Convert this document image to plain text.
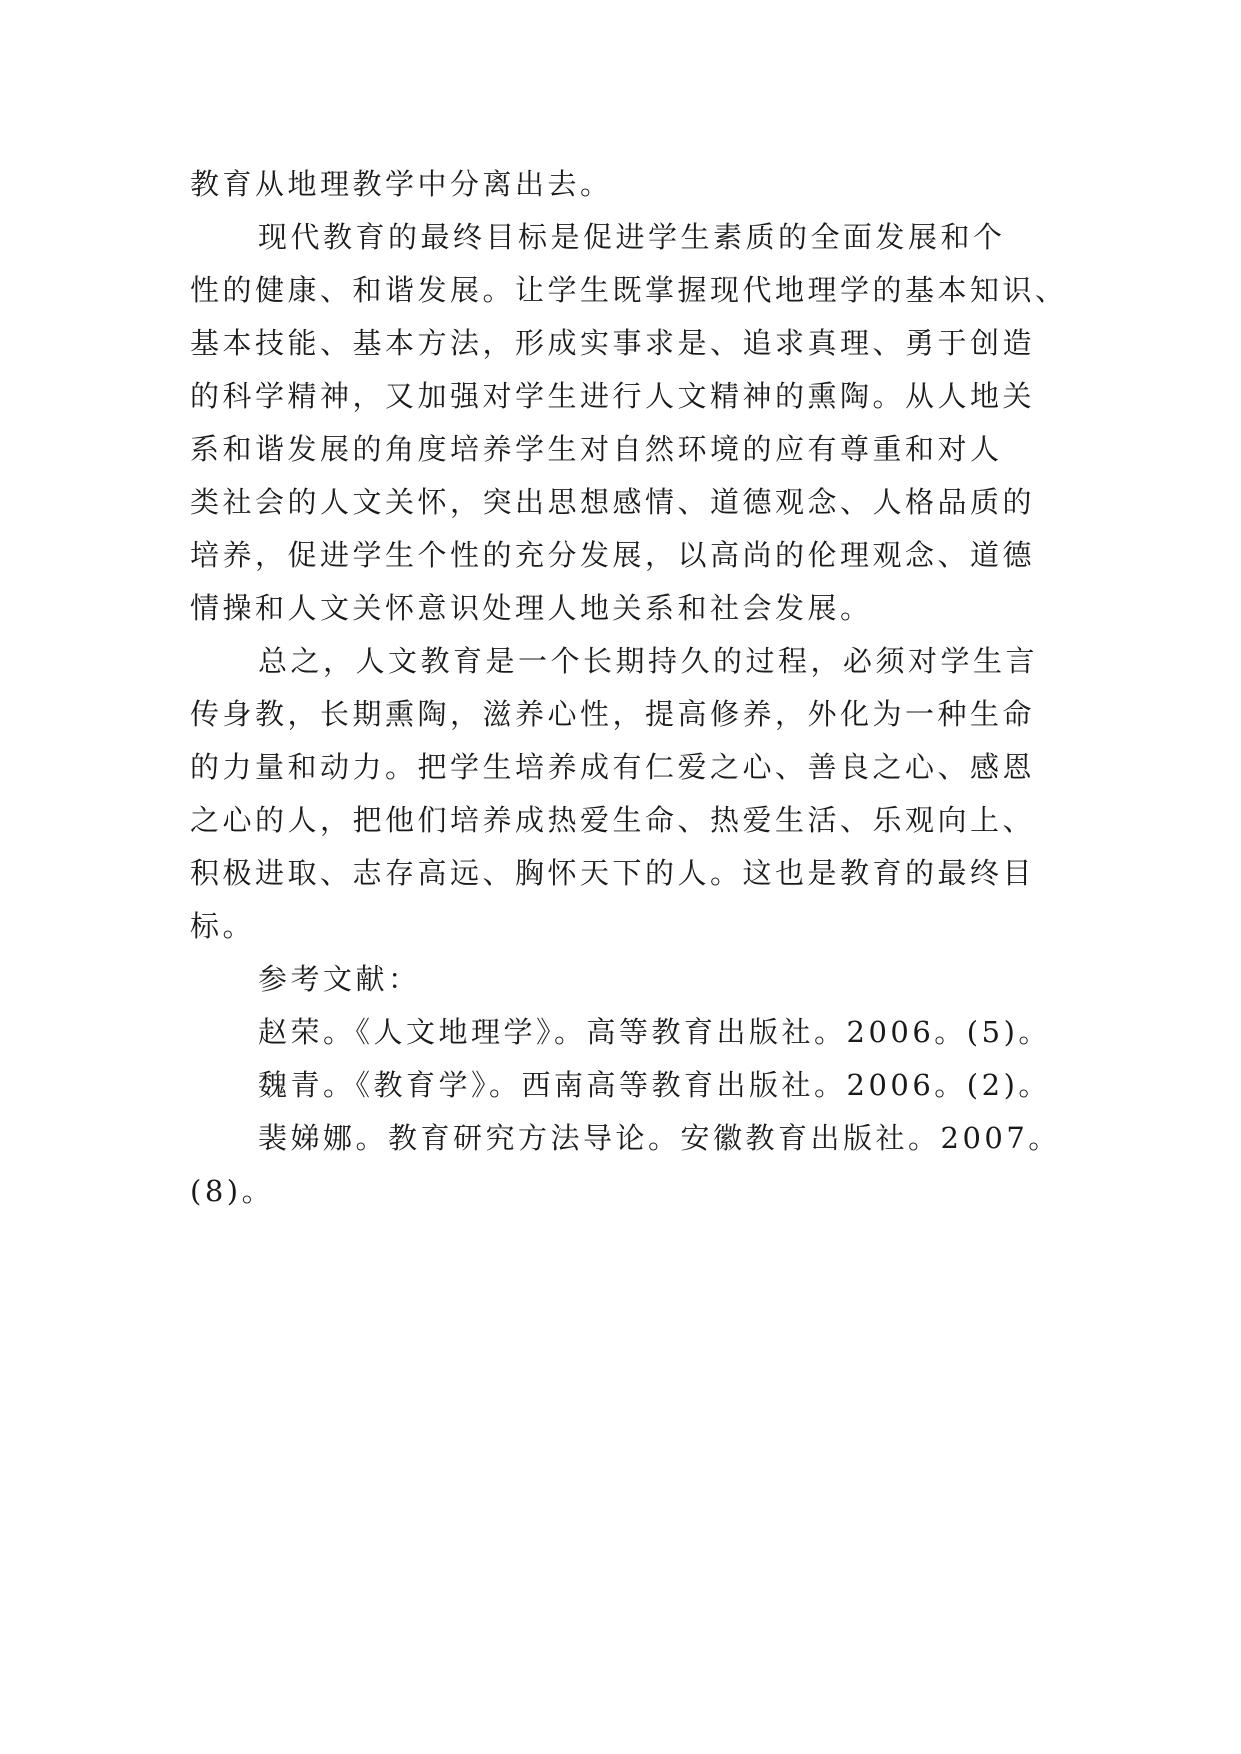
教育从地理教学中分离出去。
现代教育的最终目标是促进学生素质的全面发展和个
性的健康、和谐发展。让学生既掌握现代地理学的基本知识、
基本技能、基本方法，形成实事求是、追求真理、勇于创造
的科学精神，又加强对学生进行人文精神的熏陶。从人地关
系和谐发展的角度培养学生对自然环境的应有尊重和对人
类社会的人文关怀，突出思想感情、道德观念、人格品质的
培养，促进学生个性的充分发展，以高尚的伦理观念、道德
情操和人文关怀意识处理人地关系和社会发展。
总之，人文教育是一个长期持久的过程，必须对学生言
传身教，长期熏陶，滋养心性，提高修养，外化为一种生命
的力量和动力。把学生培养成有仁爱之心、善良之心、感恩
之心的人，把他们培养成热爱生命、热爱生活、乐观向上、
积极进取、志存高远、胸怀天下的人。这也是教育的最终目
标。
参考文献：
赵荣。《人文地理学》。高等教育出版社。2006。(5)。
魏青。《教育学》。西南高等教育出版社。2006。(2)。
裴娣娜。教育研究方法导论。安徽教育出版社。2007。
(8)。
